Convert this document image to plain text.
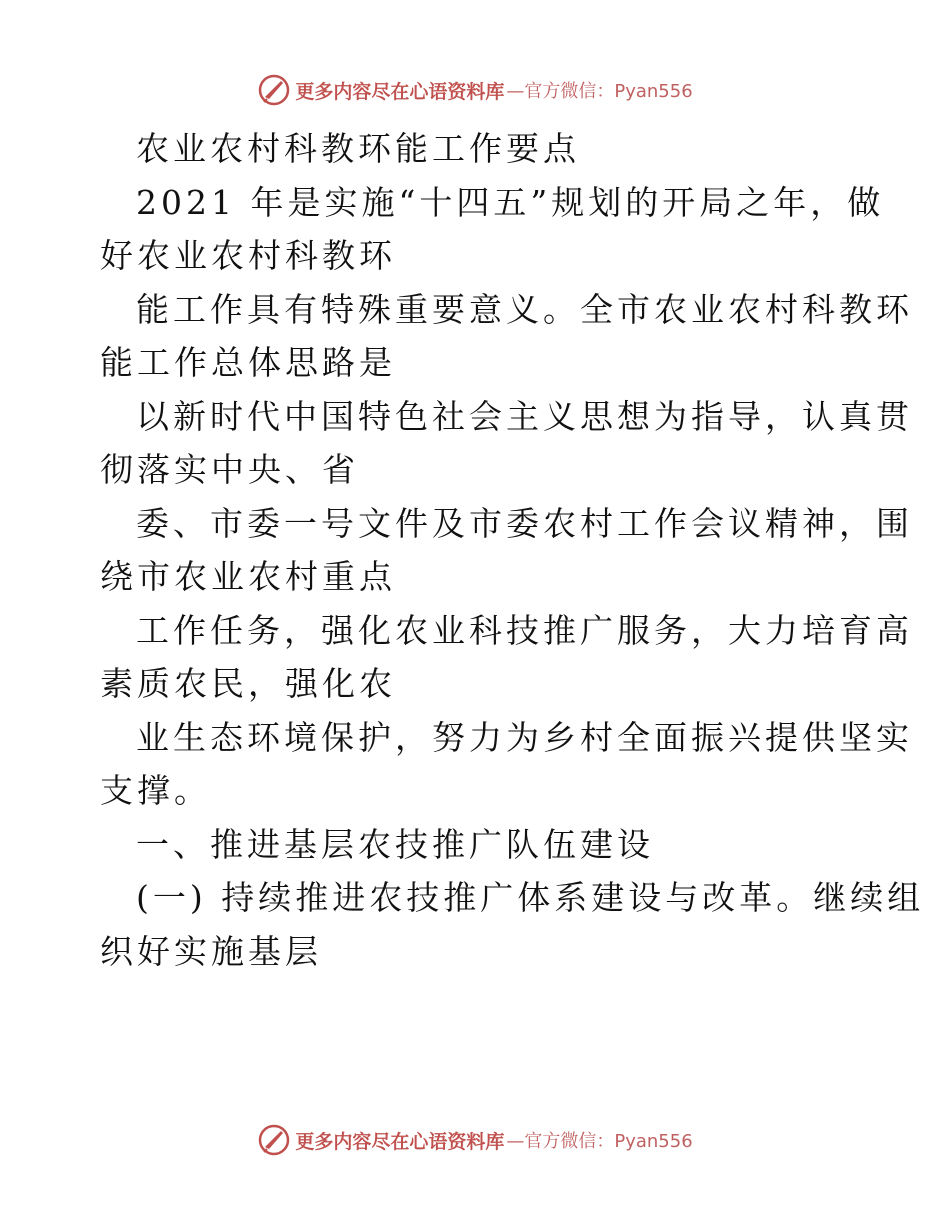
更多内容尽在心语资料库 —官方微信：Pyan556
农业农村科教环能工作要点
2021 年是实施“十四五”规划的开局之年，做
好农业农村科教环
能工作具有特殊重要意义。全市农业农村科教环
能工作总体思路是
以新时代中国特色社会主义思想为指导，认真贯
彻落实中央、省
委、市委一号文件及市委农村工作会议精神，围
绕市农业农村重点
工作任务，强化农业科技推广服务，大力培育高
素质农民，强化农
业生态环境保护，努力为乡村全面振兴提供坚实
支撑。
一、推进基层农技推广队伍建设
(一) 持续推进农技推广体系建设与改革。继续组
织好实施基层
更多内容尽在心语资料库 —官方微信：Pyan556
